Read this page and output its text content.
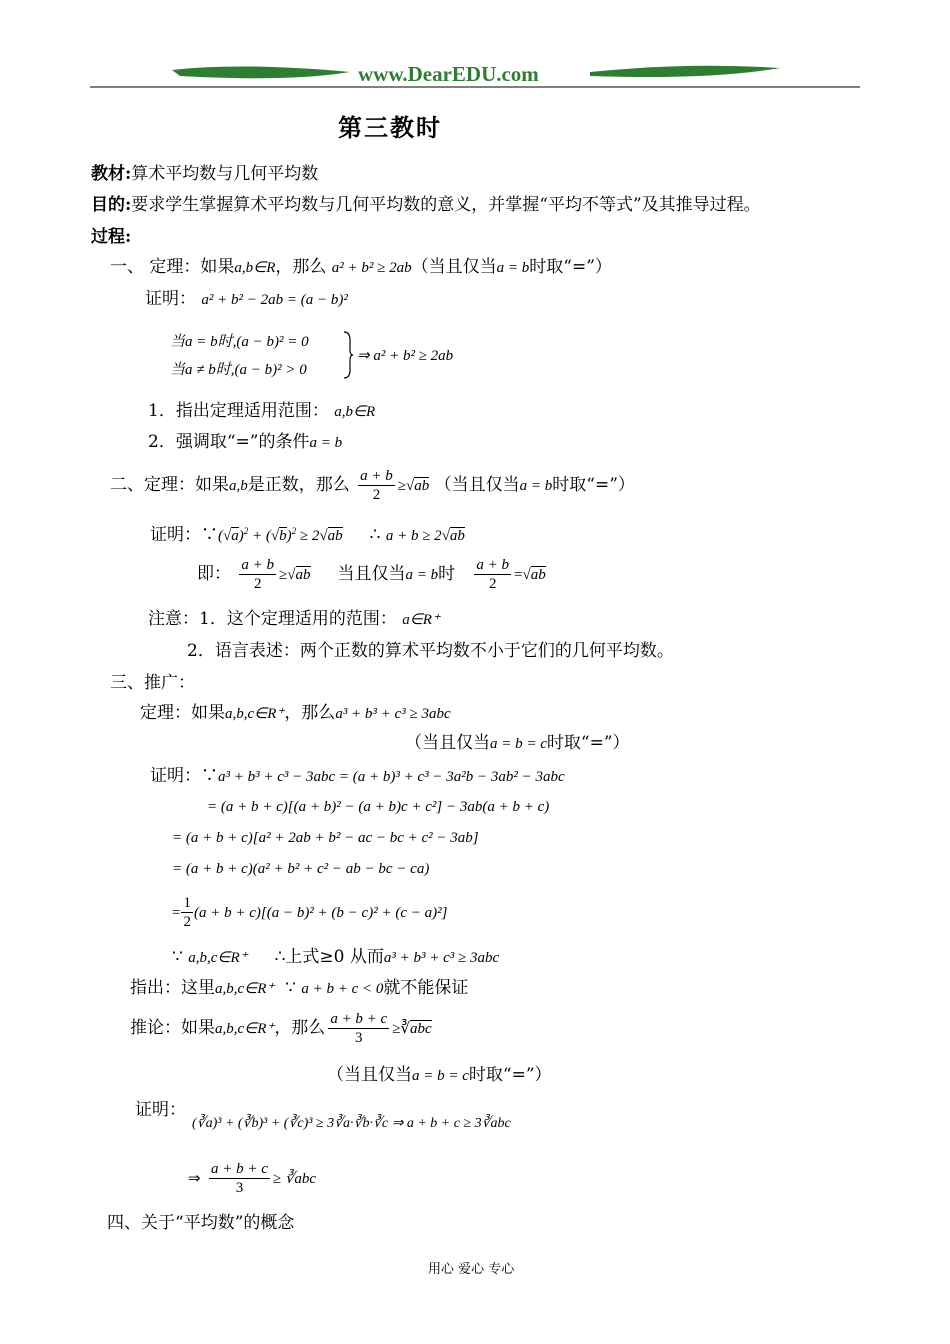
www.DearEDU.com
第三教时
教材:算术平均数与几何平均数
目的:要求学生掌握算术平均数与几何平均数的意义，并掌握“平均不等式”及其推导过程。
过程:
一、 定理：如果a,b∈R，那么 a² + b² ≥ 2ab（当且仅当a = b时取“=”）
证明： a² + b² − 2ab = (a − b)²
当a = b时,(a − b)² = 0
当a ≠ b时,(a − b)² > 0
⇒ a² + b² ≥ 2ab
1．指出定理适用范围： a,b∈R
2．强调取“=”的条件a = b
二、定理：如果a,b是正数，那么 $\frac{a + b}{2} \ge√ab$ （当且仅当a = b时取“=”）
证明：$\because(√a)^2 + (√b)^2 \ge 2√ab$ ∴ a + b ≥ 2√ab
即： $\frac{a + b}{2} \ge√ab$ 当且仅当a = b时 $\frac{a + b}{2} =√ab$
注意：1．这个定理适用的范围： a∈R⁺
2．语言表述：两个正数的算术平均数不小于它们的几何平均数。
三、推广：
定理：如果a,b,c∈R⁺，那么a³ + b³ + c³ ≥ 3abc
（当且仅当a = b = c时取“=”）
证明：∵a³ + b³ + c³ − 3abc = (a + b)³ + c³ − 3a²b − 3ab² − 3abc
= (a + b + c)[(a + b)² − (a + b)c + c²] − 3ab(a + b + c)
= (a + b + c)[a² + 2ab + b² − ac − bc + c² − 3ab]
= (a + b + c)(a² + b² + c² − ab − bc − ca)
= $\frac{1}{2} (a + b + c)[(a - b)^2 + (b - c)^2 + (c - a)^2]$
∵ a,b,c∈R⁺ ∴上式≥0 从而a³ + b³ + c³ ≥ 3abc
指出：这里a,b,c∈R⁺ ∵ a + b + c < 0就不能保证
推论：如果a,b,c∈R⁺，那么 $\frac{a + b + c}{3}$ ≥∛abc
（当且仅当a = b = c时取“=”）
证明：
(∛a)³ + (∛b)³ + (∛c)³ ≥ 3∛a·∛b·∛c ⇒ a + b + c ≥ 3∛abc
⇒ $\frac{a + b + c}{3}$ ≥ ∛abc
四、关于“平均数”的概念
用心 爱心 专心
